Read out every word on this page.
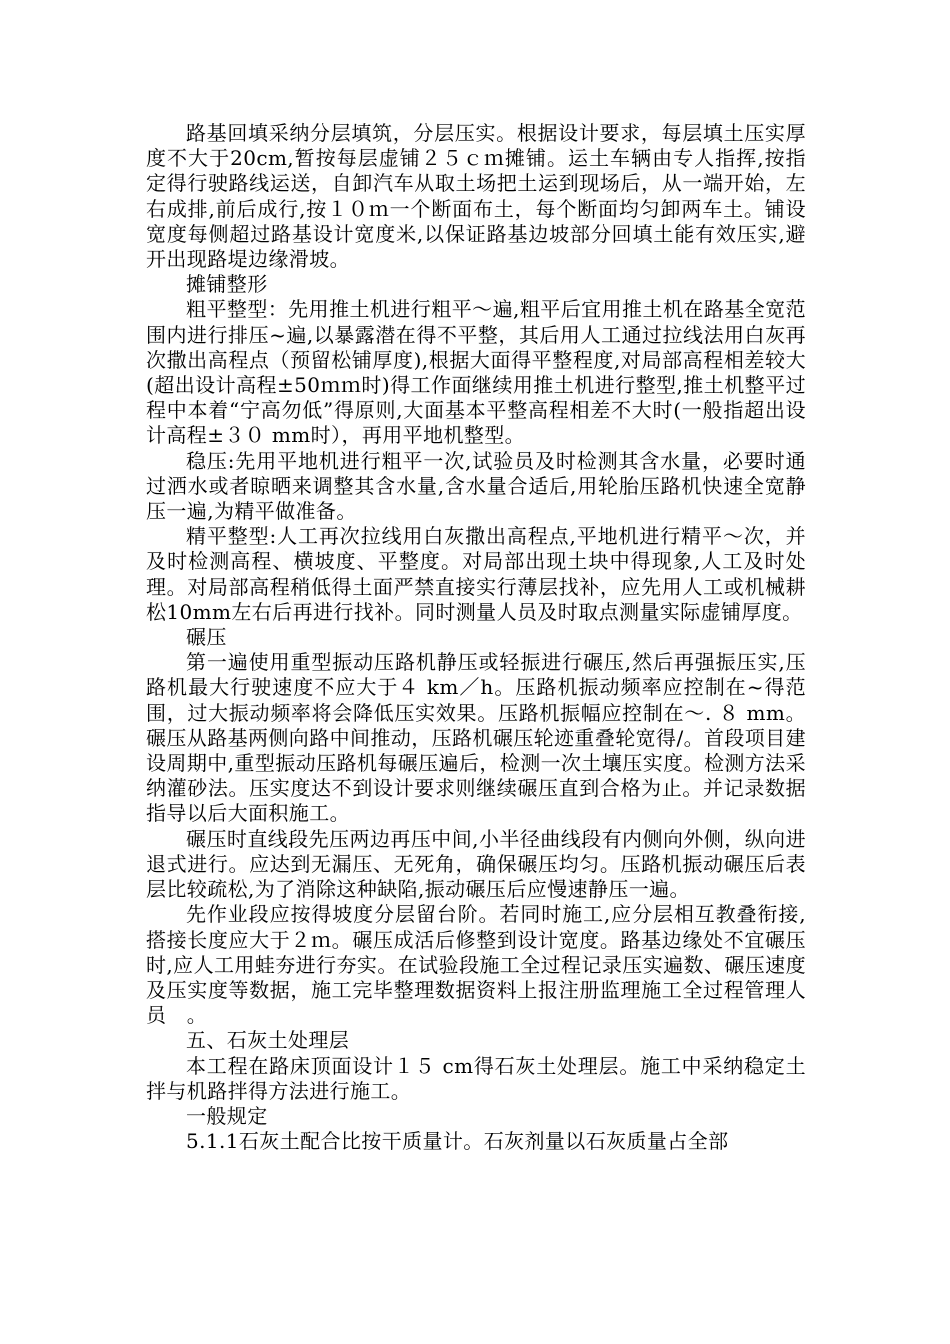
路基回填采纳分层填筑，分层压实。根据设计要求，每层填土压实厚度不大于20cm,暂按每层虚铺２５ｃｍ摊铺。运土车辆由专人指挥,按指定得行驶路线运送，自卸汽车从取土场把土运到现场后，从一端开始，左右成排,前后成行,按１０ｍ一个断面布土，每个断面均匀卸两车土。铺设宽度每侧超过路基设计宽度米,以保证路基边坡部分回填土能有效压实,避开出现路堤边缘滑坡。

摊铺整形

粗平整型：先用推土机进行粗平～遍,粗平后宜用推土机在路基全宽范围内进行排压~遍,以暴露潜在得不平整，其后用人工通过拉线法用白灰再次撒出高程点（预留松铺厚度),根据大面得平整程度,对局部高程相差较大(超出设计高程±50ｍｍ时)得工作面继续用推土机进行整型,推土机整平过程中本着“宁高勿低”得原则,大面基本平整高程相差不大时(一般指超出设计高程±３０ mm时），再用平地机整型。

稳压:先用平地机进行粗平一次,试验员及时检测其含水量，必要时通过洒水或者晾晒来调整其含水量,含水量合适后,用轮胎压路机快速全宽静压一遍,为精平做准备。

精平整型:人工再次拉线用白灰撒出高程点,平地机进行精平～次，并及时检测高程、横坡度、平整度。对局部出现土块中得现象,人工及时处理。对局部高程稍低得土面严禁直接实行薄层找补，应先用人工或机械耕松10mm左右后再进行找补。同时测量人员及时取点测量实际虚铺厚度。

碾压

第一遍使用重型振动压路机静压或轻振进行碾压,然后再强振压实,压路机最大行驶速度不应大于４ km／h。压路机振动频率应控制在~得范围，过大振动频率将会降低压实效果。压路机振幅应控制在～. ８ mm。碾压从路基两侧向路中间推动，压路机碾压轮迹重叠轮宽得/。首段项目建设周期中,重型振动压路机每碾压遍后，检测一次土壤压实度。检测方法采纳灌砂法。压实度达不到设计要求则继续碾压直到合格为止。并记录数据指导以后大面积施工。

碾压时直线段先压两边再压中间,小半径曲线段有内侧向外侧，纵向进退式进行。应达到无漏压、无死角，确保碾压均匀。压路机振动碾压后表层比较疏松,为了消除这种缺陷,振动碾压后应慢速静压一遍。

先作业段应按得坡度分层留台阶。若同时施工,应分层相互教叠衔接,搭接长度应大于２ｍ。碾压成活后修整到设计宽度。路基边缘处不宜碾压时,应人工用蛙夯进行夯实。在试验段施工全过程记录压实遍数、碾压速度及压实度等数据，施工完毕整理数据资料上报注册监理施工全过程管理人员　。

五、石灰土处理层

本工程在路床顶面设计１５ cm得石灰土处理层。施工中采纳稳定土拌与机路拌得方法进行施工。

一般规定

5.1.1石灰土配合比按干质量计。石灰剂量以石灰质量占全部
